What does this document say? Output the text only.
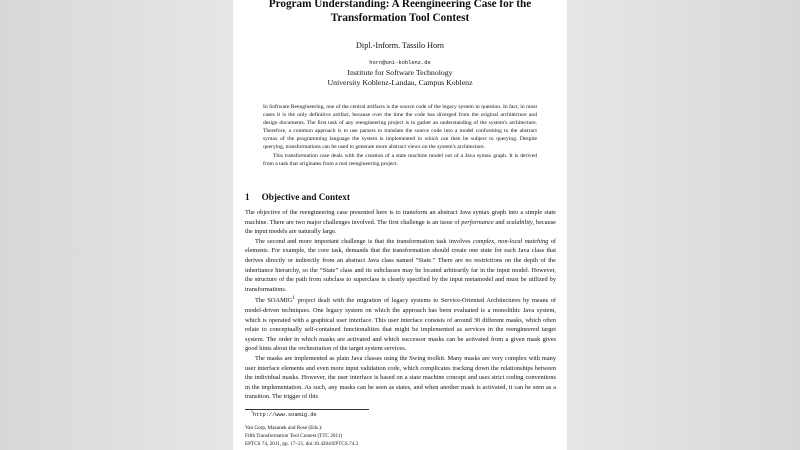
Program Understanding: A Reengineering Case for the
Transformation Tool Contest
Dipl.-Inform. Tassilo Horn
horn@uni-koblenz.de
Institute for Software Technology
University Koblenz-Landau, Campus Koblenz

In Software Reengineering, one of the central artifacts is the source code of the legacy system in question. In fact, in most cases it is the only definitive artifact, because over the time the code has diverged from the original architecture and design documents. The first task of any reengineering project is to gather an understanding of the system's architecture. Therefore, a common approach is to use parsers to translate the source code into a model conforming to the abstract syntax of the programming language the system is implemented in which can then be subject to querying. Despite querying, transformations can be used to generate more abstract views on the system's architecture.

This transformation case deals with the creation of a state machine model out of a Java syntax graph. It is derived from a task that originates from a real reengineering project.

1 Objective and Context

The objective of the reengineering case presented here is to transform an abstract Java syntax graph into a simple state machine. There are two major challenges involved. The first challenge is an issue of performance and scalability, because the input models are naturally large.

The second and more important challenge is that the transformation task involves complex, non-local matching of elements. For example, the core task, demands that the transformation should create one state for each Java class that derives directly or indirectly from an abstract Java class named “State.” There are no restrictions on the depth of the inheritance hierarchy, so the “State” class and its subclasses may be located arbitrarily far in the input model. However, the structure of the path from subclass to superclass is clearly specified by the input metamodel and must be utilized by transformations.

The SOAMIG$^1$ project dealt with the migration of legacy systems to Service-Oriented Architectures by means of model-driven techniques. One legacy system on which the approach has been evaluated is a monolithic Java system, which is operated with a graphical user interface. This user interface consists of around 30 different masks, which often relate to conceptually self-contained functionalities that might be implemented as services in the reengineered target system. The order in which masks are activated and which successor masks can be activated from a given mask gives good hints about the orchestration of the target system services.

The masks are implemented as plain Java classes using the Swing toolkit. Many masks are very complex with many user interface elements and even more input validation code, which complicates tracking down the relationships between the individual masks. However, the user interface is based on a state machine concept and uses strict coding conventions in the implementation. As such, any masks can be seen as states, and when another mask is activated, it can be seen as a transition. The trigger of this

$^1$http://www.soamig.de
Van Gorp, Mazanek and Rose (Eds.):
Fifth Transformation Tool Contest (TTC 2011)
EPTCS 74, 2011, pp. 17–21, doi:10.4204/EPTCS.74.3
